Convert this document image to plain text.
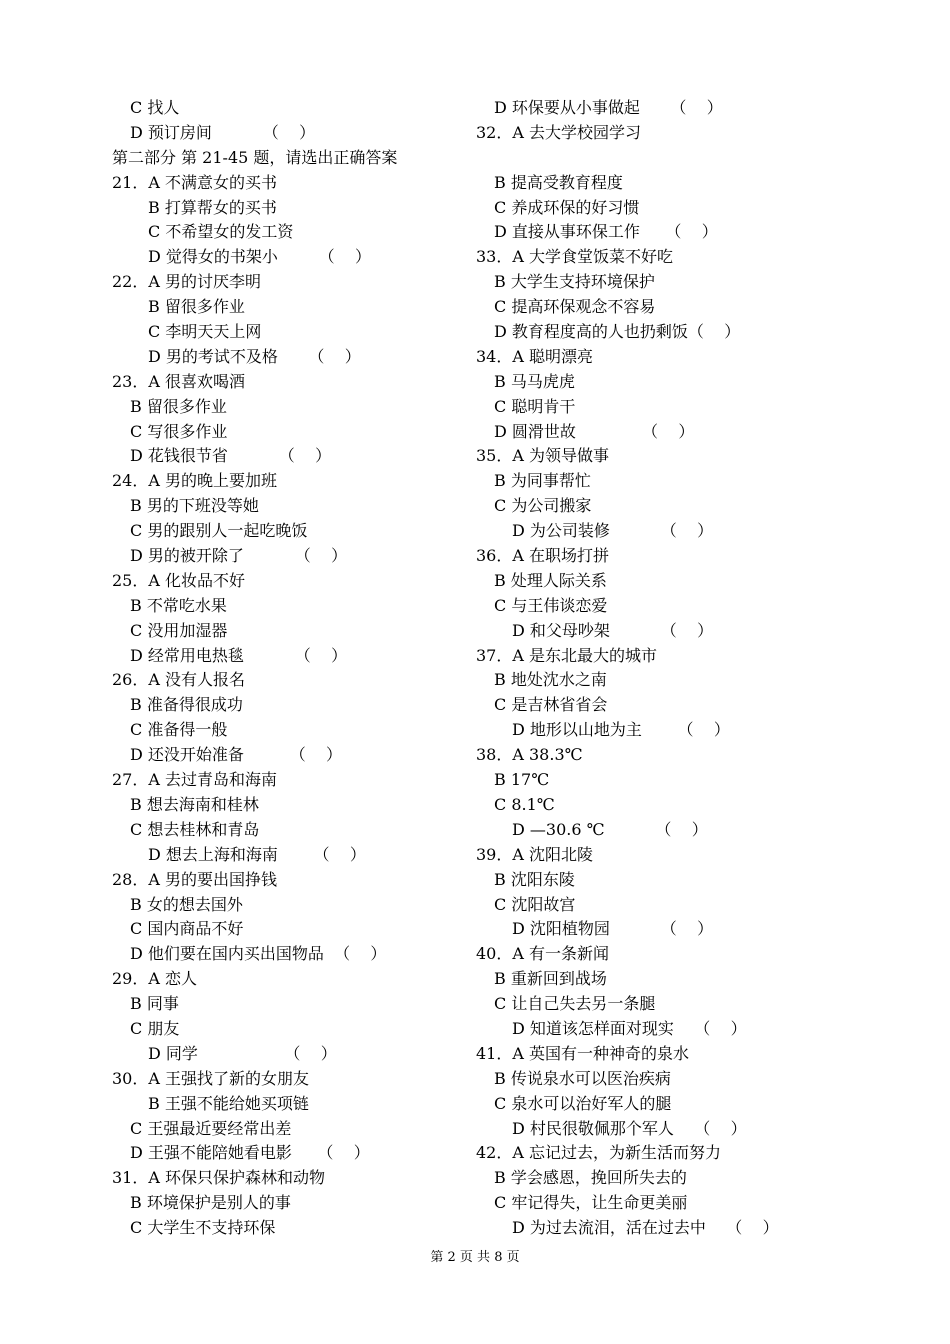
C 找人
D 预订房间          （    ）
第二部分 第 21-45 题，请选出正确答案
21．A 不满意女的买书
B 打算帮女的买书
C 不希望女的发工资
D 觉得女的书架小        （    ）
22．A 男的讨厌李明
B 留很多作业
C 李明天天上网
D 男的考试不及格      （    ）
23．A 很喜欢喝酒
B 留很多作业
C 写很多作业
D 花钱很节省          （    ）
24．A 男的晚上要加班
B 男的下班没等她
C 男的跟别人一起吃晚饭
D 男的被开除了          （    ）
25．A 化妆品不好
B 不常吃水果
C 没用加湿器
D 经常用电热毯          （    ）
26．A 没有人报名
B 准备得很成功
C 准备得一般
D 还没开始准备         （    ）
27．A 去过青岛和海南
B 想去海南和桂林
C 想去桂林和青岛
D 想去上海和海南       （    ）
28．A 男的要出国挣钱
B 女的想去国外
C 国内商品不好
D 他们要在国内买出国物品  （    ）
29．A 恋人
B 同事
C 朋友
D 同学                 （    ）
30．A 王强找了新的女朋友
B 王强不能给她买项链
C 王强最近要经常出差
D 王强不能陪她看电影     （    ）
31．A 环保只保护森林和动物
B 环境保护是别人的事
C 大学生不支持环保
D 环保要从小事做起      （    ）
32．A 去大学校园学习
B 提高受教育程度
C 养成环保的好习惯
D 直接从事环保工作     （    ）
33．A 大学食堂饭菜不好吃
B 大学生支持环境保护
C 提高环保观念不容易
D 教育程度高的人也扔剩饭（    ）
34．A 聪明漂亮
B 马马虎虎
C 聪明肯干
D 圆滑世故             （    ）
35．A 为领导做事
B 为同事帮忙
C 为公司搬家
D 为公司装修          （    ）
36．A 在职场打拼
B 处理人际关系
C 与王伟谈恋爱
D 和父母吵架          （    ）
37．A 是东北最大的城市
B 地处沈水之南
C 是吉林省省会
D 地形以山地为主       （    ）
38．A 38.3℃
B 17℃
C 8.1℃
D —30.6 ℃          （    ）
39．A 沈阳北陵
B 沈阳东陵
C 沈阳故宫
D 沈阳植物园          （    ）
40．A 有一条新闻
B 重新回到战场
C 让自己失去另一条腿
D 知道该怎样面对现实    （    ）
41．A 英国有一种神奇的泉水
B 传说泉水可以医治疾病
C 泉水可以治好军人的腿
D 村民很敬佩那个军人    （    ）
42．A 忘记过去，为新生活而努力
B 学会感恩，挽回所失去的
C 牢记得失，让生命更美丽
D 为过去流泪，活在过去中    （    ）
第 2 页 共 8 页
